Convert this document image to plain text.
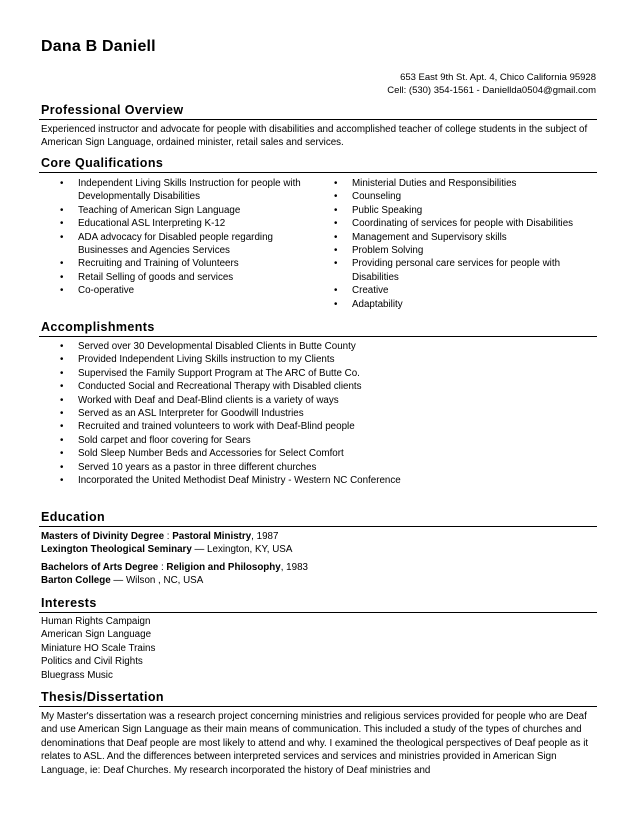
Dana B Daniell
653 East 9th St. Apt. 4, Chico California 95928
Cell: (530) 354-1561 - Daniellda0504@gmail.com
Professional Overview
Experienced instructor and advocate for people with disabilities and accomplished teacher of college students in the subject of American Sign Language, ordained minister, retail sales and services.
Core Qualifications
• Independent Living Skills Instruction for people with Developmentally Disabilities
• Teaching of American Sign Language
• Educational ASL Interpreting K-12
• ADA advocacy for Disabled people regarding Businesses and Agencies Services
• Recruiting and Training of Volunteers
• Retail Selling of goods and services
• Co-operative
• Ministerial Duties and Responsibilities
• Counseling
• Public Speaking
• Coordinating of services for people with Disabilities
• Management and Supervisory skills
• Problem Solving
• Providing personal care services for people with Disabilities
• Creative
• Adaptability
Accomplishments
• Served over 30 Developmental Disabled Clients in Butte County
• Provided Independent Living Skills instruction to my Clients
• Supervised the Family Support Program at The ARC of Butte Co.
• Conducted Social and Recreational Therapy with Disabled clients
• Worked with Deaf and Deaf-Blind clients is a variety of ways
• Served as an ASL Interpreter for Goodwill Industries
• Recruited and trained volunteers to work with Deaf-Blind people
• Sold carpet and floor covering for Sears
• Sold Sleep Number Beds and Accessories for Select Comfort
• Served 10 years as a pastor in three different churches
• Incorporated the United Methodist Deaf Ministry - Western NC Conference
Education
Masters of Divinity Degree : Pastoral Ministry, 1987
Lexington Theological Seminary — Lexington, KY, USA
Bachelors of Arts Degree : Religion and Philosophy, 1983
Barton College — Wilson , NC, USA
Interests
Human Rights Campaign
American Sign Language
Miniature HO Scale Trains
Politics and Civil Rights
Bluegrass Music
Thesis/Dissertation
My Master's dissertation was a research project concerning ministries and religious services provided for people who are Deaf and use American Sign Language as their main means of communication. This included a study of the types of churches and denominations that Deaf people are most likely to attend and why. I examined the theological perspectives of Deaf people as it relates to ASL. And the differences between interpreted services and services and ministries provided in American Sign Language, ie: Deaf Churches. My research incorporated the history of Deaf ministries and
